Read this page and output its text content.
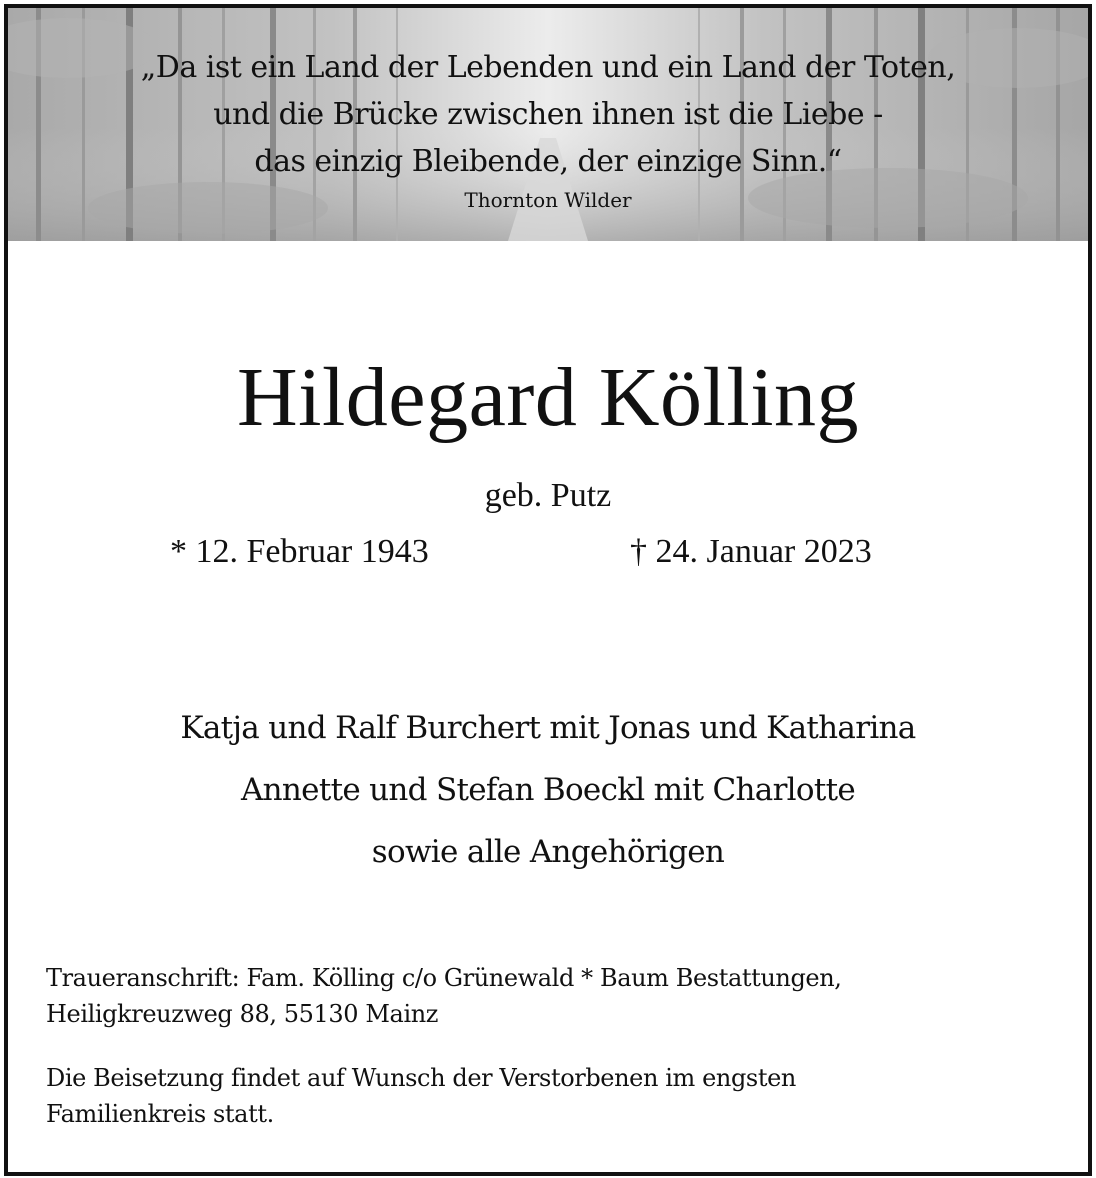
„Da ist ein Land der Lebenden und ein Land der Toten,
und die Brücke zwischen ihnen ist die Liebe -
das einzig Bleibende, der einzige Sinn.“
Thornton Wilder
Hildegard Kölling
geb. Putz
* 12. Februar 1943	† 24. Januar 2023
Katja und Ralf Burchert mit Jonas und Katharina
Annette und Stefan Boeckl mit Charlotte
sowie alle Angehörigen
Traueranschrift: Fam. Kölling c/o Grünewald * Baum Bestattungen,
Heiligkreuzweg 88, 55130 Mainz
Die Beisetzung findet auf Wunsch der Verstorbenen im engsten
Familienkreis statt.
